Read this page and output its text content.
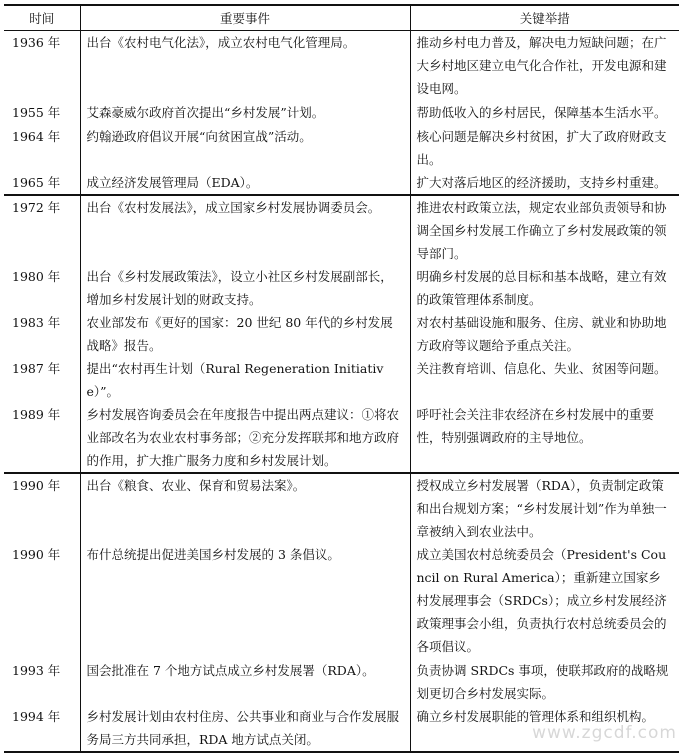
时间	重要事件	关键举措
1936 年	出台《农村电气化法》，成立农村电气化管理局。	推动乡村电力普及，解决电力短缺问题；在广大乡村地区建立电气化合作社，开发电源和建设电网。
1955 年	艾森豪威尔政府首次提出“乡村发展”计划。	帮助低收入的乡村居民，保障基本生活水平。
1964 年	约翰逊政府倡议开展“向贫困宣战”活动。	核心问题是解决乡村贫困，扩大了政府财政支出。
1965 年	成立经济发展管理局（EDA）。	扩大对落后地区的经济援助，支持乡村重建。
1972 年	出台《农村发展法》，成立国家乡村发展协调委员会。	推进农村政策立法，规定农业部负责领导和协调全国乡村发展工作确立了乡村发展政策的领导部门。
1980 年	出台《乡村发展政策法》，设立小社区乡村发展副部长，增加乡村发展计划的财政支持。	明确乡村发展的总目标和基本战略，建立有效的政策管理体系制度。
1983 年	农业部发布《更好的国家：20 世纪 80 年代的乡村发展战略》报告。	对农村基础设施和服务、住房、就业和协助地方政府等议题给予重点关注。
1987 年	提出“农村再生计划（Rural Regeneration Initiative）”。	关注教育培训、信息化、失业、贫困等问题。
1989 年	乡村发展咨询委员会在年度报告中提出两点建议：①将农业部改名为农业农村事务部；②充分发挥联邦和地方政府的作用，扩大推广服务力度和乡村发展计划。	呼吁社会关注非农经济在乡村发展中的重要性，特别强调政府的主导地位。
1990 年	出台《粮食、农业、保育和贸易法案》。	授权成立乡村发展署（RDA），负责制定政策和出台规划方案；“乡村发展计划”作为单独一章被纳入到农业法中。
1990 年	布什总统提出促进美国乡村发展的 3 条倡议。	成立美国农村总统委员会（President's Council on Rural America）；重新建立国家乡村发展理事会（SRDCs）；成立乡村发展经济政策理事会小组，负责执行农村总统委员会的各项倡议。
1993 年	国会批准在 7 个地方试点成立乡村发展署（RDA）。	负责协调 SRDCs 事项，使联邦政府的战略规划更切合乡村发展实际。
1994 年	乡村发展计划由农村住房、公共事业和商业与合作发展服务局三方共同承担，RDA 地方试点关闭。	确立乡村发展职能的管理体系和组织机构。
www.zgcdf.com
